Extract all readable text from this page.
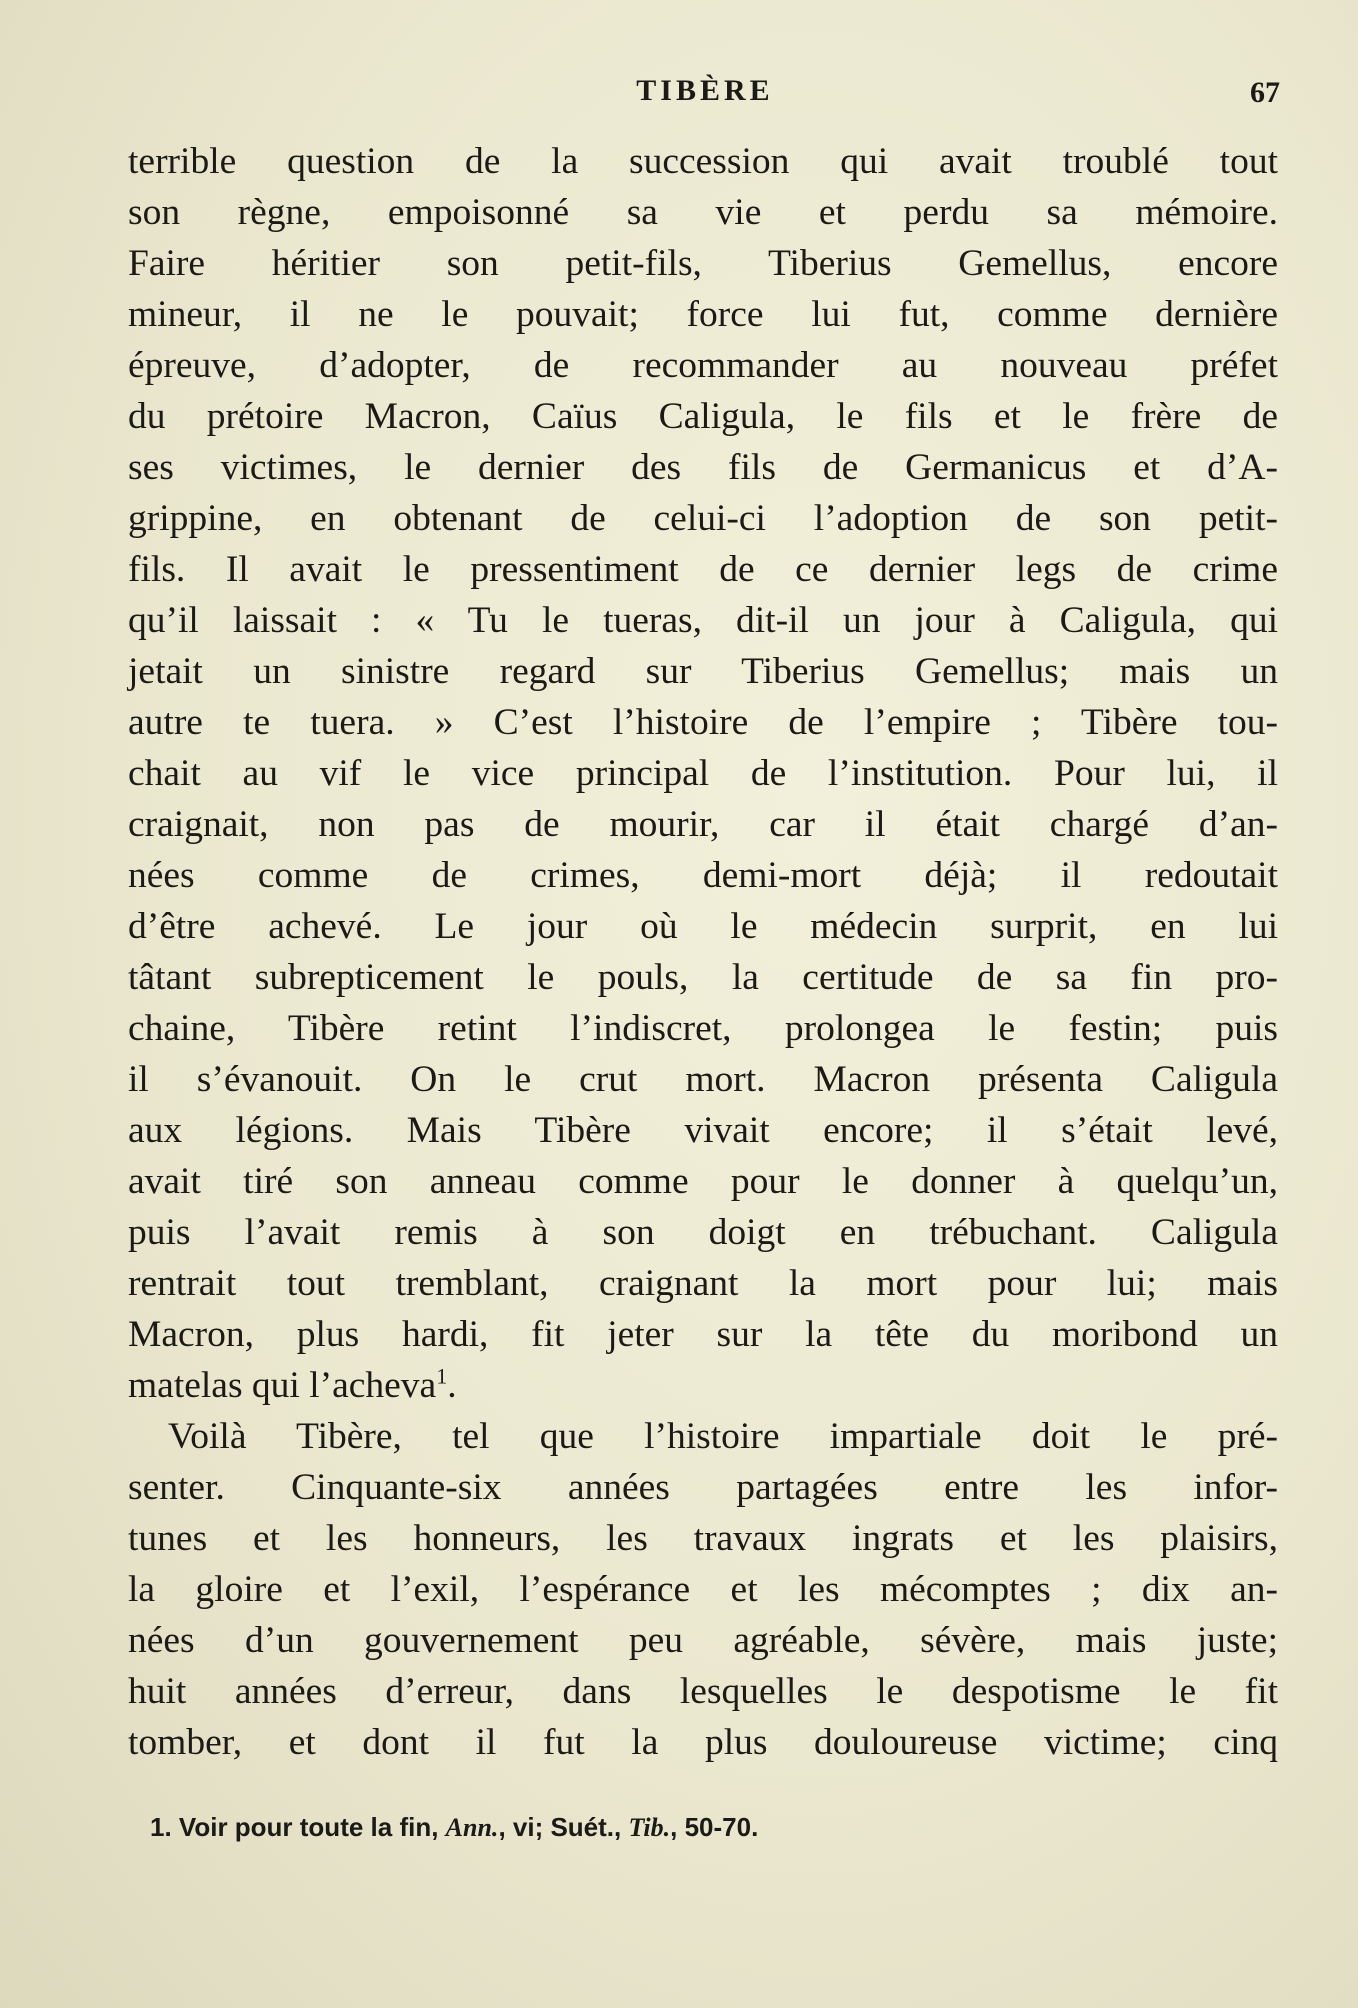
TIBÈRE	67
terrible question de la succession qui avait troublé tout
son règne, empoisonné sa vie et perdu sa mémoire.
Faire héritier son petit-fils, Tiberius Gemellus, encore
mineur, il ne le pouvait; force lui fut, comme dernière
épreuve, d’adopter, de recommander au nouveau préfet
du prétoire Macron, Caïus Caligula, le fils et le frère de
ses victimes, le dernier des fils de Germanicus et d’A-
grippine, en obtenant de celui-ci l’adoption de son petit-
fils. Il avait le pressentiment de ce dernier legs de crime
qu’il laissait : « Tu le tueras, dit-il un jour à Caligula, qui
jetait un sinistre regard sur Tiberius Gemellus; mais un
autre te tuera. » C’est l’histoire de l’empire ; Tibère tou-
chait au vif le vice principal de l’institution. Pour lui, il
craignait, non pas de mourir, car il était chargé d’an-
nées comme de crimes, demi-mort déjà; il redoutait
d’être achevé. Le jour où le médecin surprit, en lui
tâtant subrepticement le pouls, la certitude de sa fin pro-
chaine, Tibère retint l’indiscret, prolongea le festin; puis
il s’évanouit. On le crut mort. Macron présenta Caligula
aux légions. Mais Tibère vivait encore; il s’était levé,
avait tiré son anneau comme pour le donner à quelqu’un,
puis l’avait remis à son doigt en trébuchant. Caligula
rentrait tout tremblant, craignant la mort pour lui; mais
Macron, plus hardi, fit jeter sur la tête du moribond un
matelas qui l’acheva$^1$.
Voilà Tibère, tel que l’histoire impartiale doit le pré-
senter. Cinquante-six années partagées entre les infor-
tunes et les honneurs, les travaux ingrats et les plaisirs,
la gloire et l’exil, l’espérance et les mécomptes ; dix an-
nées d’un gouvernement peu agréable, sévère, mais juste;
huit années d’erreur, dans lesquelles le despotisme le fit
tomber, et dont il fut la plus douloureuse victime; cinq
1. Voir pour toute la fin, Ann., vi; Suét., Tib., 50-70.
